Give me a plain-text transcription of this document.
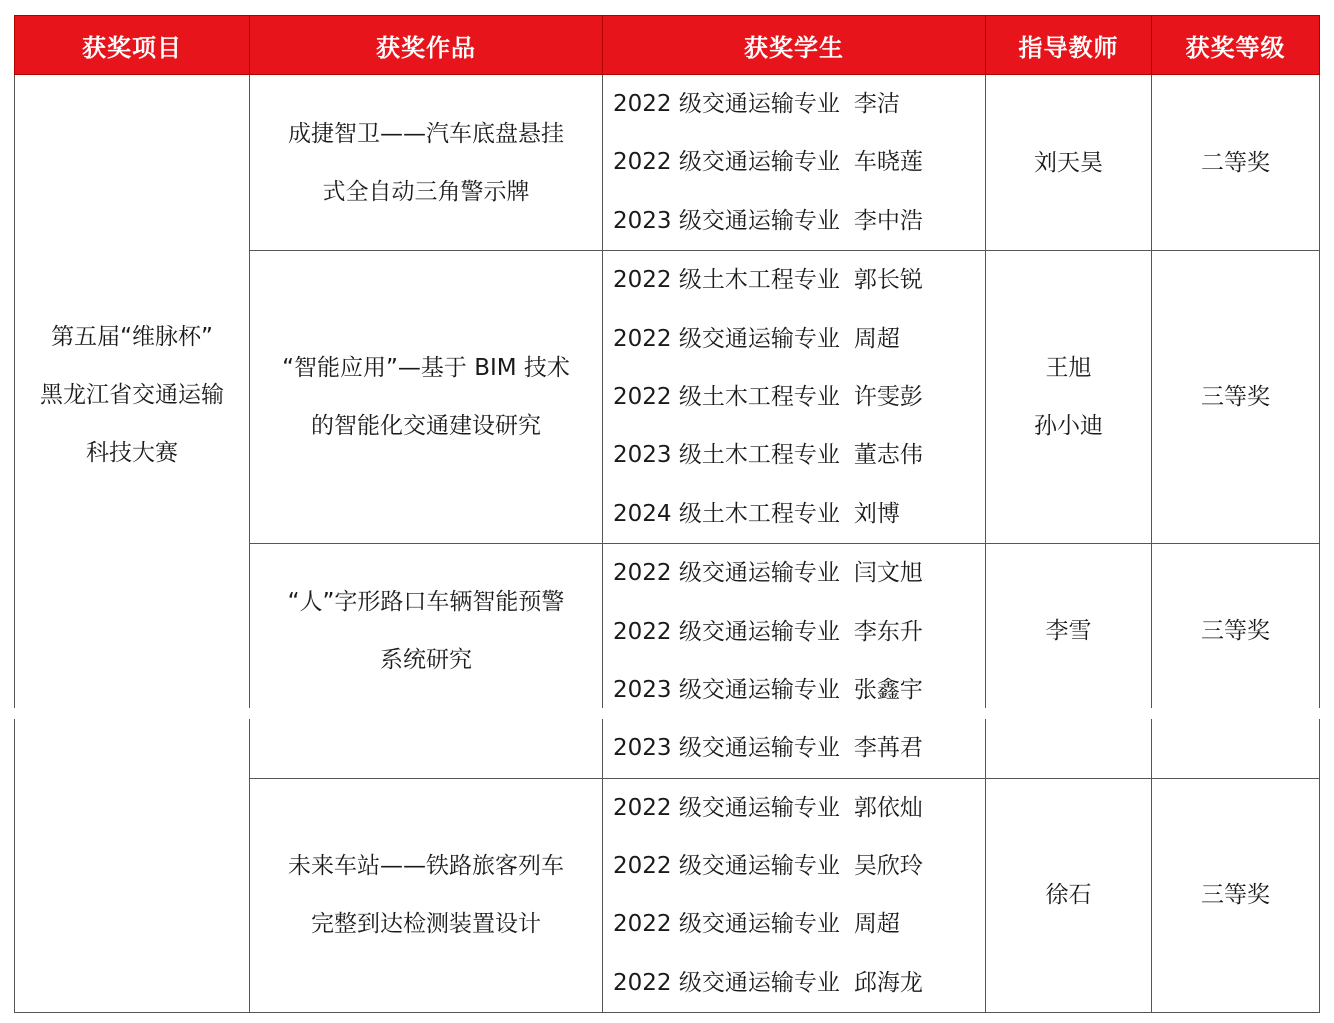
获奖项目	获奖作品	获奖学生	指导教师	获奖等级

第五届“维脉杯”
黑龙江省交通运输
科技大赛	成捷智卫——汽车底盘悬挂
式全自动三角警示牌	2022 级交通运输专业 李洁
2022 级交通运输专业 车晓莲
2023 级交通运输专业 李中浩	刘天昊	二等奖

	“智能应用”—基于 BIM 技术
的智能化交通建设研究	2022 级土木工程专业 郭长锐
2022 级交通运输专业 周超
2022 级土木工程专业 许雯彭
2023 级土木工程专业 董志伟
2024 级土木工程专业 刘博	王旭
孙小迪	三等奖

	“人”字形路口车辆智能预警
系统研究	2022 级交通运输专业 闫文旭
2022 级交通运输专业 李东升
2023 级交通运输专业 张鑫宇
2023 级交通运输专业 李苒君	李雪	三等奖

	未来车站——铁路旅客列车
完整到达检测装置设计	2022 级交通运输专业 郭依灿
2022 级交通运输专业 吴欣玲
2022 级交通运输专业 周超
2022 级交通运输专业 邱海龙	徐石	三等奖
